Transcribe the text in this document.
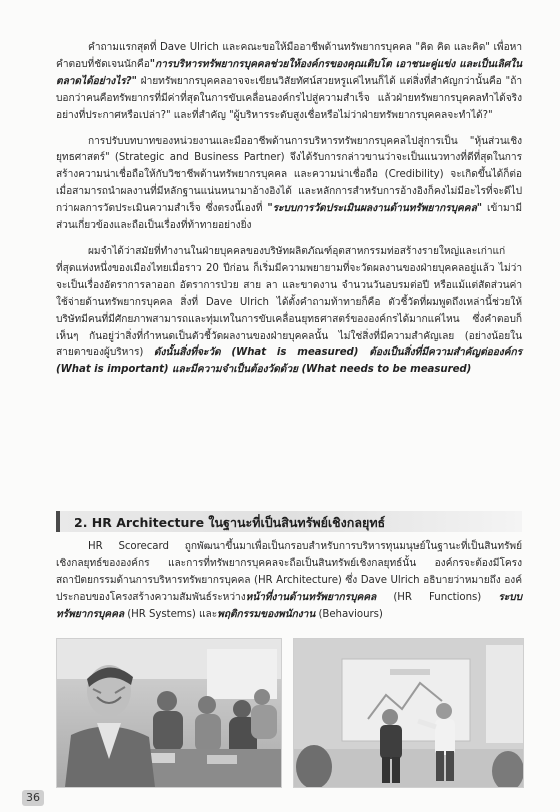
คำถามแรกสุดที่ Dave Ulrich และคณะขอให้มืออาชีพด้านทรัพยากรบุคคล "คิด คิด และคิด" เพื่อหาคำตอบที่ชัดเจนนักคือ"การบริหารทรัพยากรบุคคลช่วยให้องค์กรของคุณเติบโต เอาชนะคู่แข่ง และเป็นเลิศในตลาดได้อย่างไร?" ฝ่ายทรัพยากรบุคคลอาจจะเขียนวิสัยทัศน์สวยหรูแค่ไหนก็ได้ แต่สิ่งที่สำคัญกว่านั้นคือ "ถ้าบอกว่าคนคือทรัพยากรที่มีค่าที่สุดในการขับเคลื่อนองค์กรไปสู่ความสำเร็จ แล้วฝ่ายทรัพยากรบุคคลทำได้จริงอย่างที่ประกาศหรือเปล่า?" และที่สำคัญ "ผู้บริหารระดับสูงเชื่อหรือไม่ว่าฝ่ายทรัพยากรบุคคลจะทำได้?"

การปรับบทบาทของหน่วยงานและมืออาชีพด้านการบริหารทรัพยากรบุคคลไปสู่การเป็น "หุ้นส่วนเชิงยุทธศาสตร์" (Strategic and Business Partner) จึงได้รับการกล่าวขานว่าจะเป็นแนวทางที่ดีที่สุดในการสร้างความน่าเชื่อถือให้กับวิชาชีพด้านทรัพยากรบุคคล และความน่าเชื่อถือ (Credibility) จะเกิดขึ้นได้ก็ต่อเมื่อสามารถนำผลงานที่มีหลักฐานแน่นหนามาอ้างอิงได้ และหลักการสำหรับการอ้างอิงก็คงไม่มีอะไรที่จะดีไปกว่าผลการวัดประเมินความสำเร็จ ซึ่งตรงนี้เองที่ "ระบบการวัดประเมินผลงานด้านทรัพยากรบุคคล" เข้ามามีส่วนเกี่ยวข้องและถือเป็นเรื่องที่ท้าทายอย่างยิ่ง

ผมจำได้ว่าสมัยที่ทำงานในฝ่ายบุคคลของบริษัทผลิตภัณฑ์อุตสาหกรรมท่อสร้างรายใหญ่และเก่าแก่ที่สุดแห่งหนึ่งของเมืองไทยเมื่อราว 20 ปีก่อน ก็เริ่มมีความพยายามที่จะวัดผลงานของฝ่ายบุคคลอยู่แล้ว ไม่ว่าจะเป็นเรื่องอัตราการลาออก อัตราการป่วย สาย ลา และขาดงาน จำนวนวันอบรมต่อปี หรือแม้แต่สัดส่วนค่าใช้จ่ายด้านทรัพยากรบุคคล สิ่งที่ Dave Ulrich ได้ตั้งคำถามท้าทายก็คือ ตัวชี้วัดที่ผมพูดถึงเหล่านี้ช่วยให้บริษัทมีคนที่มีศักยภาพสามารถและทุ่มเทในการขับเคลื่อนยุทธศาสตร์ขององค์กรได้มากแค่ไหน ซึ่งคำตอบก็เห็นๆ กันอยู่ว่าสิ่งที่กำหนดเป็นตัวชี้วัดผลงานของฝ่ายบุคคลนั้น ไม่ใช่สิ่งที่มีความสำคัญเลย (อย่างน้อยในสายตาของผู้บริหาร) ดังนั้นสิ่งที่จะวัด (What is measured) ต้องเป็นสิ่งที่มีความสำคัญต่อองค์กร (What is important) และมีความจำเป็นต้องวัดด้วย (What needs to be measured)

2. HR Architecture ในฐานะที่เป็นสินทรัพย์เชิงกลยุทธ์

HR Scorecard ถูกพัฒนาขึ้นมาเพื่อเป็นกรอบสำหรับการบริหารทุนมนุษย์ในฐานะที่เป็นสินทรัพย์เชิงกลยุทธ์ขององค์กร และการที่ทรัพยากรบุคคลจะถือเป็นสินทรัพย์เชิงกลยุทธ์นั้น องค์กรจะต้องมีโครงสถาปัตยกรรมด้านการบริหารทรัพยากรบุคคล (HR Architecture) ซึ่ง Dave Ulrich อธิบายว่าหมายถึง องค์ประกอบของโครงสร้างความสัมพันธ์ระหว่างหน้าที่งานด้านทรัพยากรบุคคล (HR Functions) ระบบทรัพยากรบุคคล (HR Systems) และพฤติกรรมของพนักงาน (Behaviours)

36
